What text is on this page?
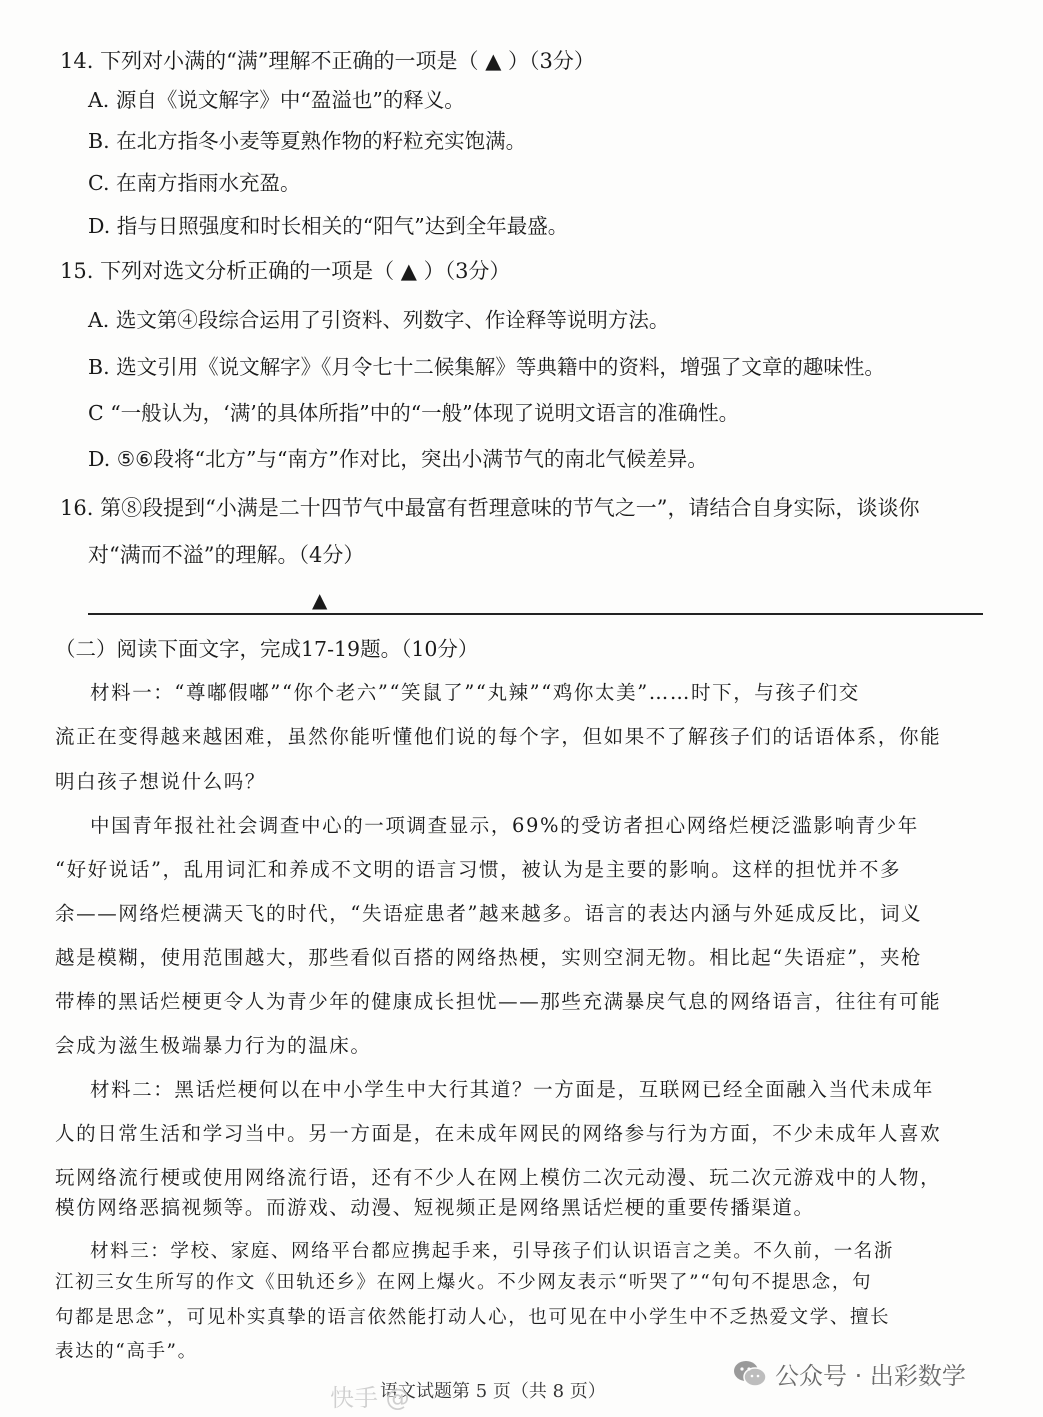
14. 下列对小满的“满”理解不正确的一项是（ ▲ ）（3分）
A. 源自《说文解字》中“盈溢也”的释义。
B. 在北方指冬小麦等夏熟作物的籽粒充实饱满。
C. 在南方指雨水充盈。
D. 指与日照强度和时长相关的“阳气”达到全年最盛。
15. 下列对选文分析正确的一项是（ ▲ ）（3分）
A. 选文第④段综合运用了引资料、列数字、作诠释等说明方法。
B. 选文引用《说文解字》《月令七十二候集解》等典籍中的资料，增强了文章的趣味性。
C “一般认为，‘满’的具体所指”中的“一般”体现了说明文语言的准确性。
D. ⑤⑥段将“北方”与“南方”作对比，突出小满节气的南北气候差异。
16. 第⑧段提到“小满是二十四节气中最富有哲理意味的节气之一”，请结合自身实际，谈谈你
对“满而不溢”的理解。（4分）
▲
（二）阅读下面文字，完成17-19题。（10分）
材料一：“尊嘟假嘟”“你个老六”“笑鼠了”“丸辣”“鸡你太美”……时下，与孩子们交
流正在变得越来越困难，虽然你能听懂他们说的每个字，但如果不了解孩子们的话语体系，你能
明白孩子想说什么吗？
中国青年报社社会调查中心的一项调查显示，69%的受访者担心网络烂梗泛滥影响青少年
“好好说话”，乱用词汇和养成不文明的语言习惯，被认为是主要的影响。这样的担忧并不多
余——网络烂梗满天飞的时代，“失语症患者”越来越多。语言的表达内涵与外延成反比，词义
越是模糊，使用范围越大，那些看似百搭的网络热梗，实则空洞无物。相比起“失语症”，夹枪
带棒的黑话烂梗更令人为青少年的健康成长担忧——那些充满暴戾气息的网络语言，往往有可能
会成为滋生极端暴力行为的温床。
材料二：黑话烂梗何以在中小学生中大行其道？一方面是，互联网已经全面融入当代未成年
人的日常生活和学习当中。另一方面是，在未成年网民的网络参与行为方面，不少未成年人喜欢
玩网络流行梗或使用网络流行语，还有不少人在网上模仿二次元动漫、玩二次元游戏中的人物，
模仿网络恶搞视频等。而游戏、动漫、短视频正是网络黑话烂梗的重要传播渠道。
材料三：学校、家庭、网络平台都应携起手来，引导孩子们认识语言之美。不久前，一名浙
江初三女生所写的作文《田轨还乡》在网上爆火。不少网友表示“听哭了”“句句不提思念，句
句都是思念”，可见朴实真挚的语言依然能打动人心，也可见在中小学生中不乏热爱文学、擅长
表达的“高手”。
语文试题第 5 页（共 8 页）
快手 @
公众号 · 出彩数学
